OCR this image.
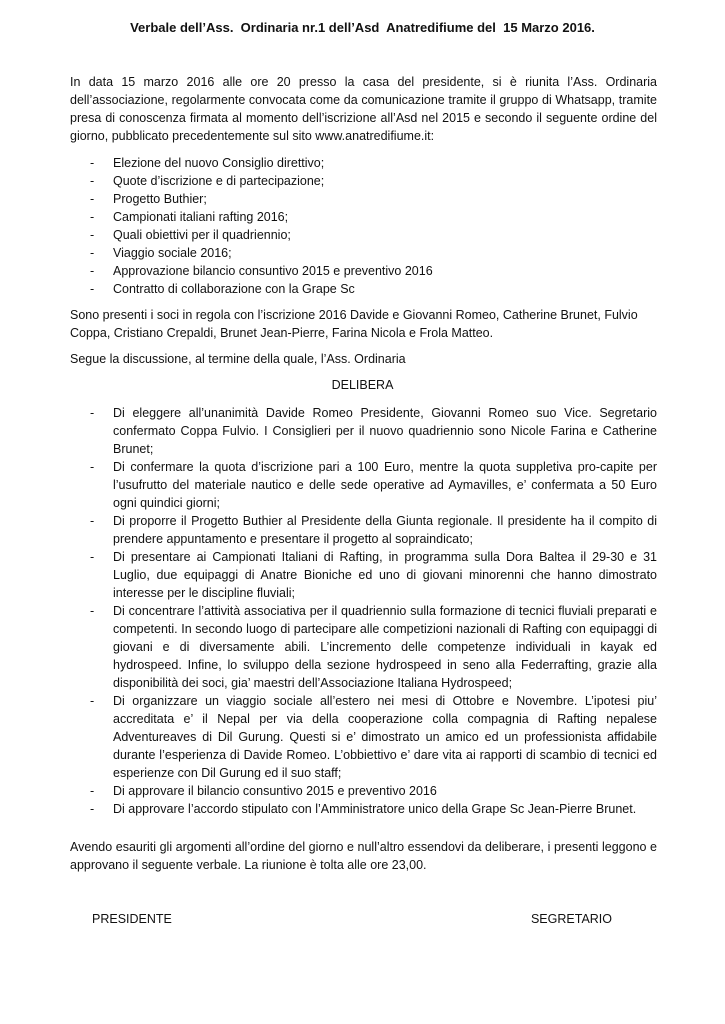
Verbale dell’Ass.  Ordinaria nr.1 dell’Asd  Anatredifiume del  15 Marzo 2016.
In data 15 marzo 2016 alle ore 20 presso la casa del presidente, si è riunita l’Ass. Ordinaria dell’associazione, regolarmente convocata come da comunicazione tramite il gruppo di Whatsapp, tramite presa di conoscenza firmata al momento dell’iscrizione all’Asd nel 2015 e secondo il seguente ordine del giorno, pubblicato precedentemente sul sito www.anatredifiume.it:
- Elezione del nuovo Consiglio direttivo;
- Quote d’iscrizione e di partecipazione;
- Progetto Buthier;
- Campionati italiani rafting 2016;
- Quali obiettivi per il quadriennio;
- Viaggio sociale 2016;
- Approvazione bilancio consuntivo 2015 e preventivo 2016
- Contratto di collaborazione con la Grape Sc
Sono presenti i soci in regola con l’iscrizione 2016 Davide e Giovanni Romeo, Catherine Brunet, Fulvio Coppa, Cristiano Crepaldi, Brunet Jean-Pierre, Farina Nicola e Frola Matteo.
Segue la discussione, al termine della quale, l’Ass. Ordinaria
DELIBERA
- Di eleggere all’unanimità Davide Romeo Presidente, Giovanni Romeo suo Vice. Segretario confermato Coppa Fulvio. I Consiglieri per il nuovo quadriennio sono Nicole Farina e Catherine Brunet;
- Di confermare la quota d’iscrizione pari a 100 Euro, mentre la quota suppletiva pro-capite per l’usufrutto del materiale nautico e delle sede operative ad Aymavilles, e’ confermata a 50 Euro ogni quindici giorni;
- Di proporre il Progetto Buthier al Presidente della Giunta regionale. Il presidente ha il compito di prendere appuntamento e presentare il progetto al sopraindicato;
- Di presentare ai Campionati Italiani di Rafting, in programma sulla Dora Baltea il 29-30 e 31 Luglio, due equipaggi di Anatre Bioniche ed uno di giovani minorenni che hanno dimostrato interesse per le discipline fluviali;
- Di concentrare l’attività associativa per il quadriennio sulla formazione di tecnici fluviali preparati e competenti. In secondo luogo di partecipare alle competizioni nazionali di Rafting con equipaggi di giovani e di diversamente abili. L’incremento delle competenze individuali in kayak ed hydrospeed. Infine, lo sviluppo della sezione hydrospeed in seno alla Federrafting, grazie alla disponibilità dei soci, gia’ maestri dell’Associazione Italiana Hydrospeed;
- Di organizzare un viaggio sociale all’estero nei mesi di Ottobre e Novembre. L’ipotesi piu’ accreditata e’ il Nepal per via della cooperazione colla compagnia di Rafting nepalese Adventureaves di Dil Gurung. Questi si e’ dimostrato un amico ed un professionista affidabile durante l’esperienza di Davide Romeo. L’obbiettivo e’ dare vita ai rapporti di scambio di tecnici ed esperienze con Dil Gurung ed il suo staff;
- Di approvare il bilancio consuntivo 2015 e preventivo 2016
- Di approvare l’accordo stipulato con l’Amministratore unico della Grape Sc Jean-Pierre Brunet.
Avendo esauriti gli argomenti all’ordine del giorno e null’altro essendovi da deliberare, i presenti leggono e approvano il seguente verbale. La riunione è tolta alle ore 23,00.
PRESIDENTE	SEGRETARIO
